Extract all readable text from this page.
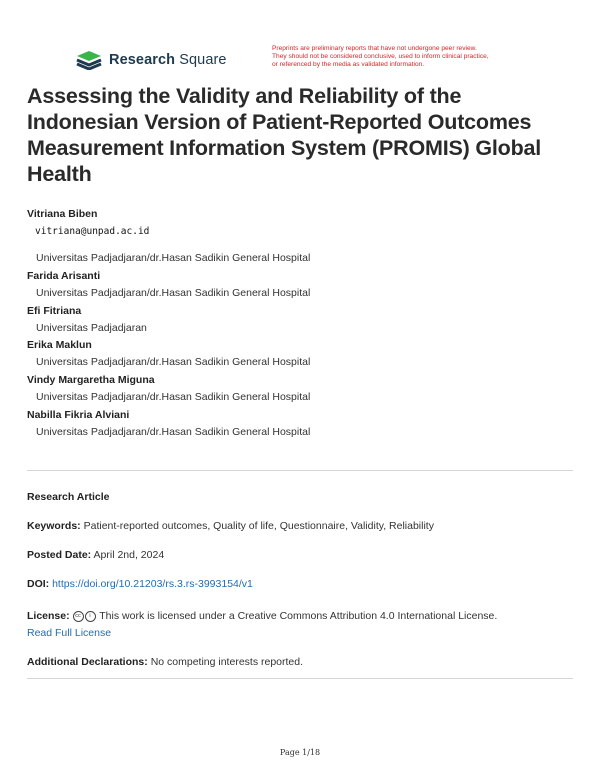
Research Square
Preprints are preliminary reports that have not undergone peer review.
They should not be considered conclusive, used to inform clinical practice,
or referenced by the media as validated information.
Assessing the Validity and Reliability of the Indonesian Version of Patient-Reported Outcomes Measurement Information System (PROMIS) Global Health
Vitriana Biben
vitriana@unpad.ac.id
Universitas Padjadjaran/dr.Hasan Sadikin General Hospital
Farida Arisanti
Universitas Padjadjaran/dr.Hasan Sadikin General Hospital
Efi Fitriana
Universitas Padjadjaran
Erika Maklun
Universitas Padjadjaran/dr.Hasan Sadikin General Hospital
Vindy Margaretha Miguna
Universitas Padjadjaran/dr.Hasan Sadikin General Hospital
Nabilla Fikria Alviani
Universitas Padjadjaran/dr.Hasan Sadikin General Hospital
Research Article
Keywords: Patient-reported outcomes, Quality of life, Questionnaire, Validity, Reliability
Posted Date: April 2nd, 2024
DOI: https://doi.org/10.21203/rs.3.rs-3993154/v1
License: cc i This work is licensed under a Creative Commons Attribution 4.0 International License.
Read Full License
Additional Declarations: No competing interests reported.
Page 1/18
